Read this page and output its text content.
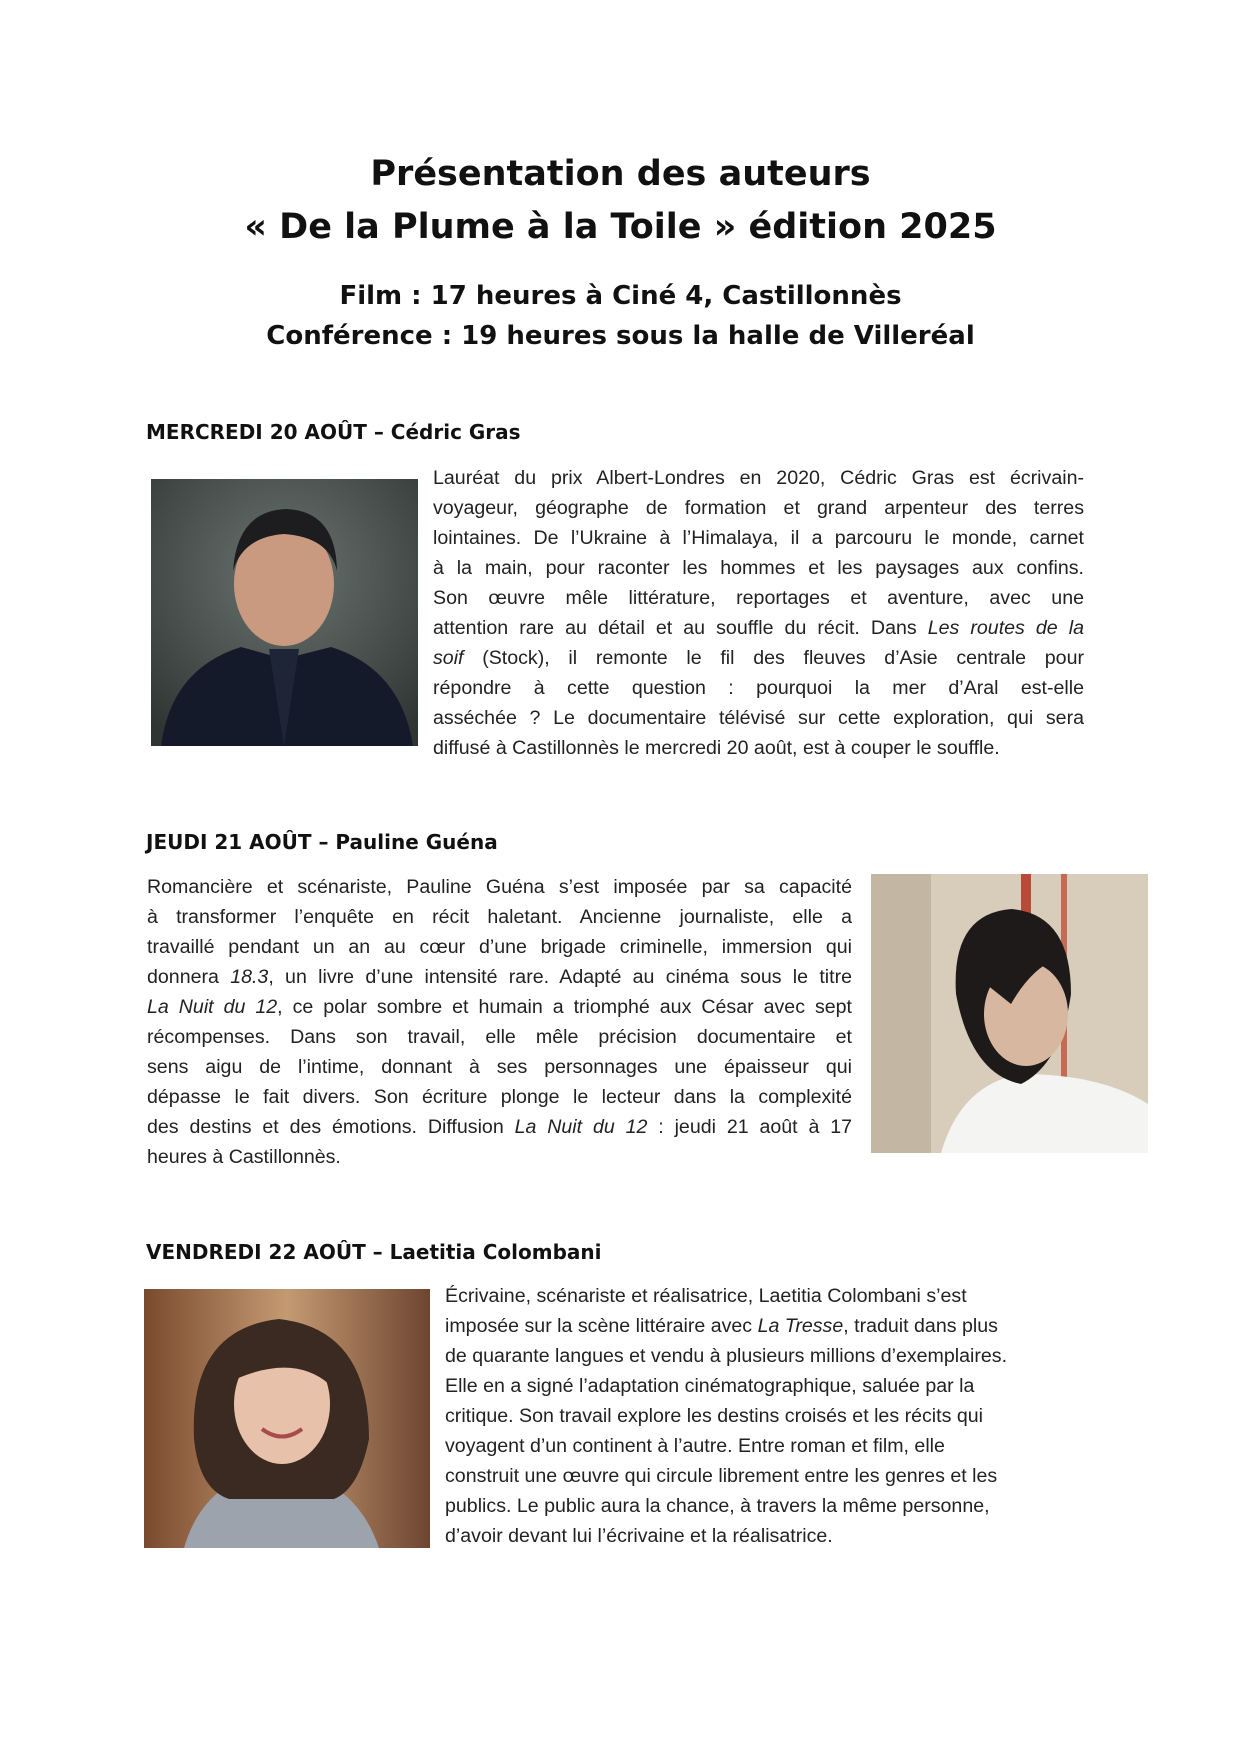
Présentation des auteurs
« De la Plume à la Toile » édition 2025
Film : 17 heures à Ciné 4, Castillonnès
Conférence : 19 heures sous la halle de Villeréal
MERCREDI 20 AOÛT – Cédric Gras
Lauréat du prix Albert-Londres en 2020, Cédric Gras est écrivain-
voyageur, géographe de formation et grand arpenteur des terres
lointaines. De l’Ukraine à l’Himalaya, il a parcouru le monde, carnet
à la main, pour raconter les hommes et les paysages aux confins.
Son œuvre mêle littérature, reportages et aventure, avec une
attention rare au détail et au souffle du récit. Dans Les routes de la
soif (Stock), il remonte le fil des fleuves d’Asie centrale pour
répondre à cette question : pourquoi la mer d’Aral est-elle
asséchée ? Le documentaire télévisé sur cette exploration, qui sera
diffusé à Castillonnès le mercredi 20 août, est à couper le souffle.
JEUDI 21 AOÛT – Pauline Guéna
Romancière et scénariste, Pauline Guéna s’est imposée par sa capacité
à transformer l’enquête en récit haletant. Ancienne journaliste, elle a
travaillé pendant un an au cœur d’une brigade criminelle, immersion qui
donnera 18.3, un livre d’une intensité rare. Adapté au cinéma sous le titre
La Nuit du 12, ce polar sombre et humain a triomphé aux César avec sept
récompenses. Dans son travail, elle mêle précision documentaire et
sens aigu de l’intime, donnant à ses personnages une épaisseur qui
dépasse le fait divers. Son écriture plonge le lecteur dans la complexité
des destins et des émotions. Diffusion La Nuit du 12 : jeudi 21 août à 17
heures à Castillonnès.
VENDREDI 22 AOÛT – Laetitia Colombani
Écrivaine, scénariste et réalisatrice, Laetitia Colombani s’est
imposée sur la scène littéraire avec La Tresse, traduit dans plus
de quarante langues et vendu à plusieurs millions d’exemplaires.
Elle en a signé l’adaptation cinématographique, saluée par la
critique. Son travail explore les destins croisés et les récits qui
voyagent d’un continent à l’autre. Entre roman et film, elle
construit une œuvre qui circule librement entre les genres et les
publics. Le public aura la chance, à travers la même personne,
d’avoir devant lui l’écrivaine et la réalisatrice.
